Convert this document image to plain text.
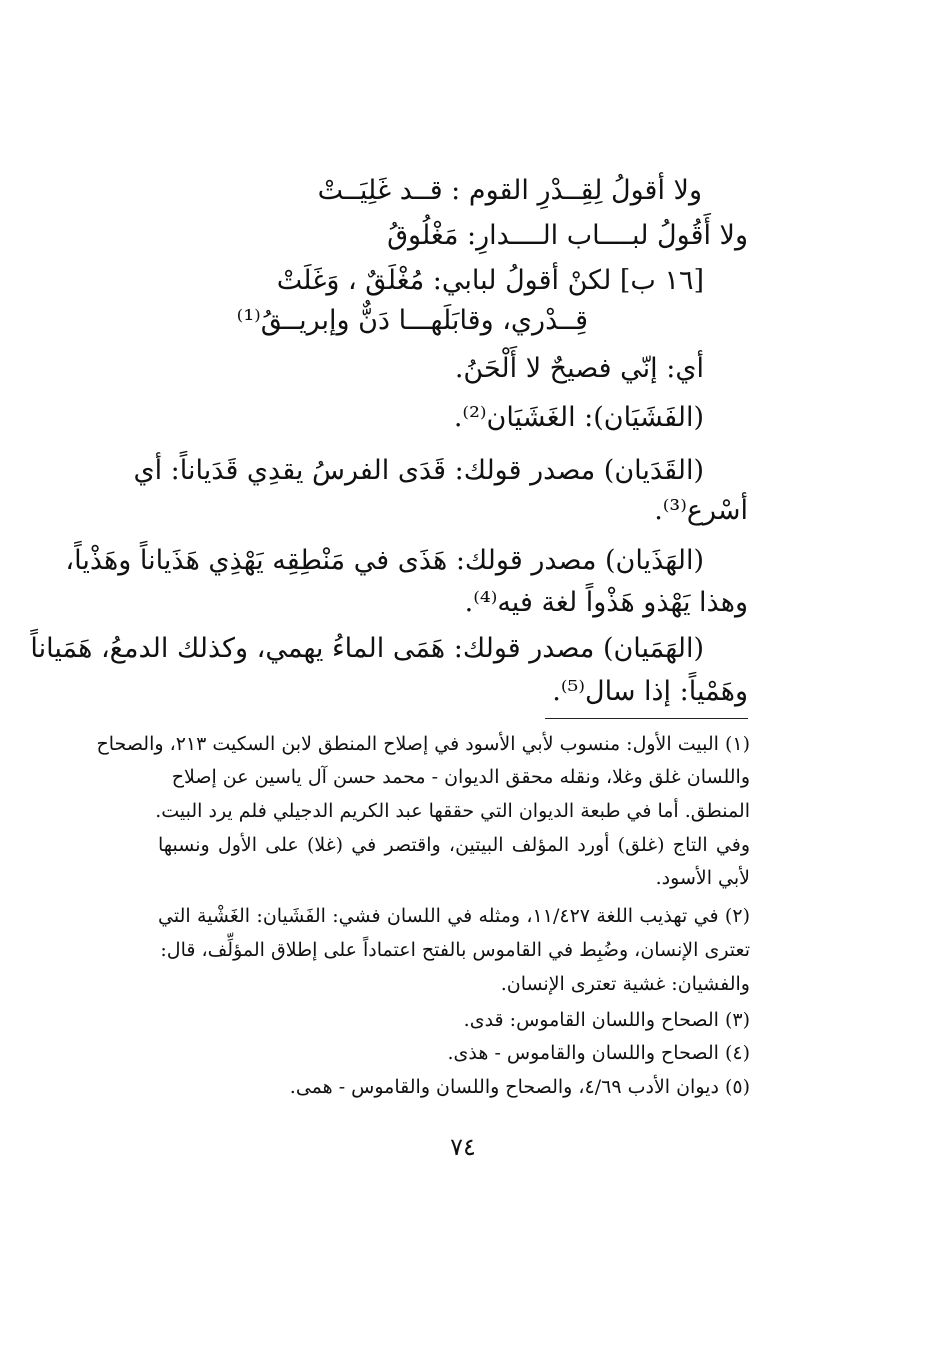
ولا أقولُ لِقِــدْرِ القوم : قــد غَلِيَــتْ
ولا أَقُولُ لبــــاب الــــدارِ: مَغْلُوقُ
[١٦ ب] لكنْ أقولُ لبابي: مُغْلَقٌ ، وَغَلَتْ
قِــدْري، وقابَلَهـــا دَنٌّ وإبريــقُ⁽¹⁾
أي: إنّي فصيحٌ لا أَلْحَنُ.
(الفَشَيَان): الغَشَيَان⁽²⁾.
(القَدَيان) مصدر قولك: قَدَى الفرسُ يقدِي قَدَياناً: أي
أسْرع⁽³⁾.
(الهَذَيان) مصدر قولك: هَذَى في مَنْطِقِه يَهْذِي هَذَياناً وهَذْياً،
وهذا يَهْذو هَذْواً لغة فيه⁽⁴⁾.
(الهَمَيان) مصدر قولك: هَمَى الماءُ يهمي، وكذلك الدمعُ، هَمَياناً
وهَمْياً: إذا سال⁽⁵⁾.
(١) البيت الأول: منسوب لأبي الأسود في إصلاح المنطق لابن السكيت ٢١٣، والصحاح
واللسان غلق وغلا، ونقله محقق الديوان - محمد حسن آل ياسين عن إصلاح
المنطق. أما في طبعة الديوان التي حققها عبد الكريم الدجيلي فلم يرد البيت.
وفي التاج (غلق) أورد المؤلف البيتين، واقتصر في (غلا) على الأول ونسبها
لأبي الأسود.
(٢) في تهذيب اللغة ١١/٤٢٧، ومثله في اللسان فشي: الفَشَيان: الغَشْية التي
تعترى الإنسان، وضُبِط في القاموس بالفتح اعتماداً على إطلاق المؤلِّف، قال:
والفشيان: غشية تعترى الإنسان.
(٣) الصحاح واللسان القاموس: قدى.
(٤) الصحاح واللسان والقاموس - هذى.
(٥) ديوان الأدب ٤/٦٩، والصحاح واللسان والقاموس - همى.
٧٤
